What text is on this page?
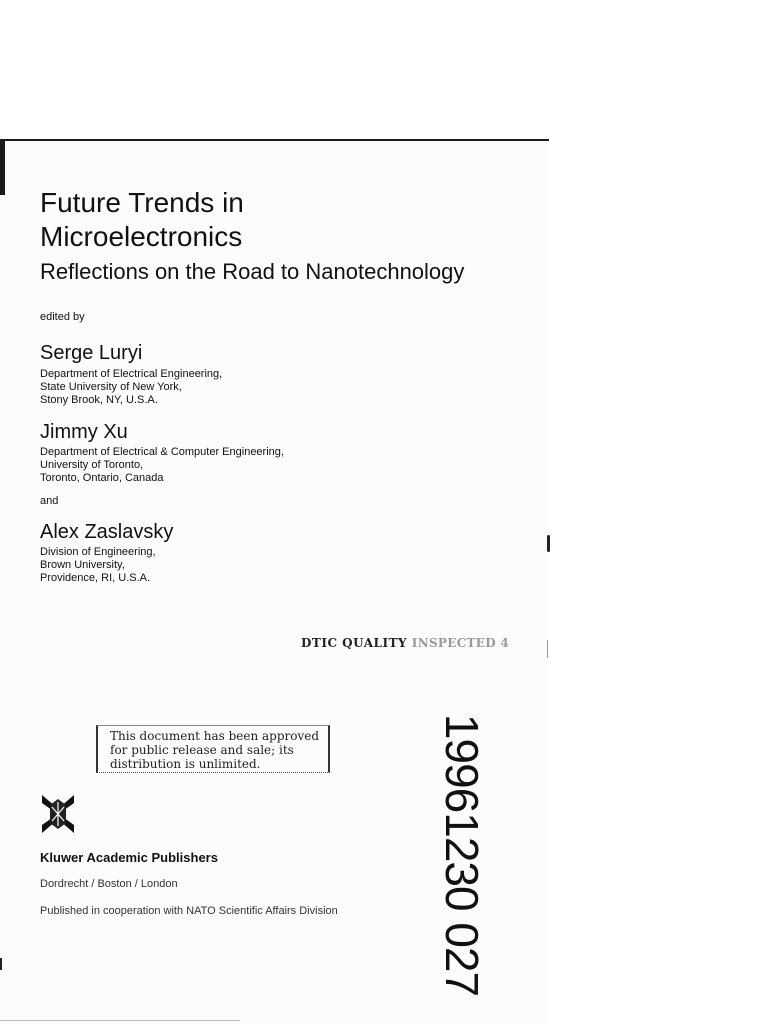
Future Trends in
Microelectronics
Reflections on the Road to Nanotechnology
edited by
Serge Luryi
Department of Electrical Engineering,
State University of New York,
Stony Brook, NY, U.S.A.
Jimmy Xu
Department of Electrical & Computer Engineering,
University of Toronto,
Toronto, Ontario, Canada
and
Alex Zaslavsky
Division of Engineering,
Brown University,
Providence, RI, U.S.A.
DTIC QUALITY INSPECTED 4
This document has been approved
for public release and sale; its
distribution is unlimited.
Kluwer Academic Publishers
Dordrecht / Boston / London
Published in cooperation with NATO Scientific Affairs Division 19961230 027
